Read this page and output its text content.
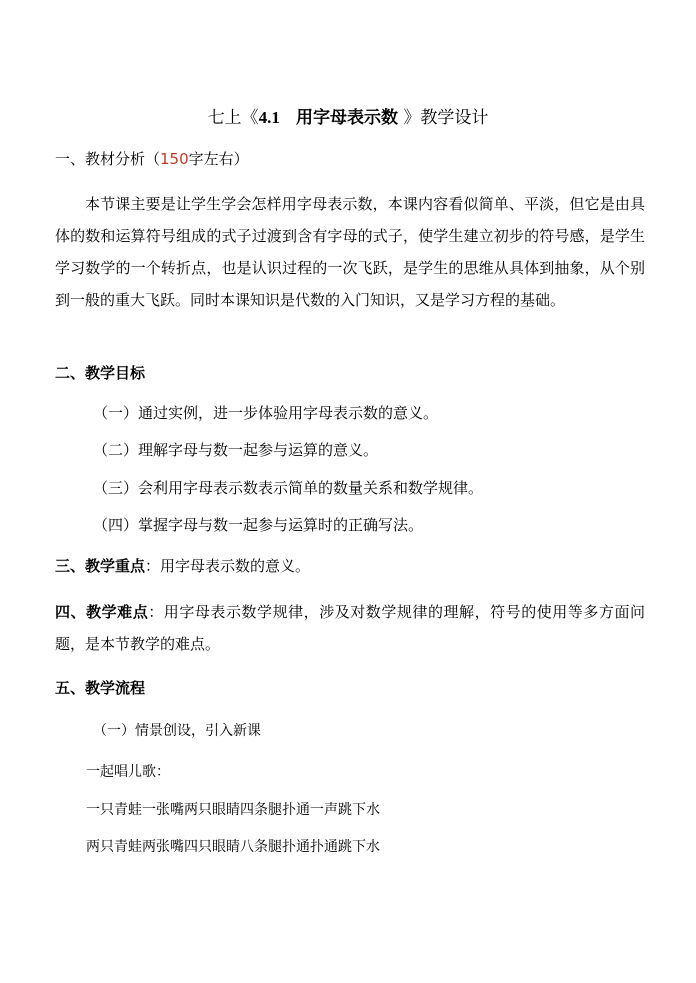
七上《4.1 用字母表示数 》教学设计
一、教材分析（150字左右）
本节课主要是让学生学会怎样用字母表示数，本课内容看似简单、平淡，但它是由具体的数和运算符号组成的式子过渡到含有字母的式子，使学生建立初步的符号感，是学生学习数学的一个转折点，也是认识过程的一次飞跃，是学生的思维从具体到抽象，从个别到一般的重大飞跃。同时本课知识是代数的入门知识，又是学习方程的基础。
二、教学目标
（一）通过实例，进一步体验用字母表示数的意义。
（二）理解字母与数一起参与运算的意义。
（三）会利用字母表示数表示简单的数量关系和数学规律。
（四）掌握字母与数一起参与运算时的正确写法。
三、教学重点：用字母表示数的意义。
四、教学难点：用字母表示数学规律，涉及对数学规律的理解，符号的使用等多方面问题，是本节教学的难点。
五、教学流程
（一）情景创设，引入新课
一起唱儿歌：
一只青蛙一张嘴两只眼睛四条腿扑通一声跳下水
两只青蛙两张嘴四只眼睛八条腿扑通扑通跳下水
